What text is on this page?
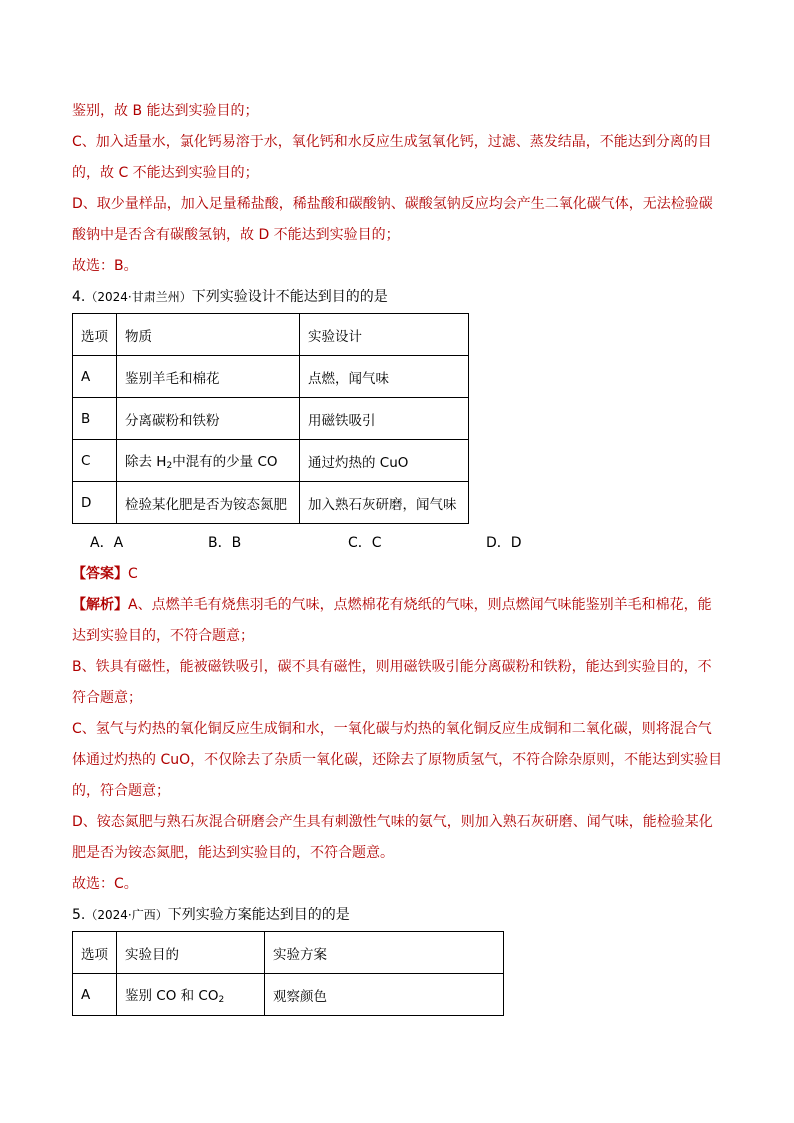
鉴别，故 B 能达到实验目的；
C、加入适量水，氯化钙易溶于水，氧化钙和水反应生成氢氧化钙，过滤、蒸发结晶，不能达到分离的目
的，故 C 不能达到实验目的；
D、取少量样品，加入足量稀盐酸，稀盐酸和碳酸钠、碳酸氢钠反应均会产生二氧化碳气体，无法检验碳
酸钠中是否含有碳酸氢钠，故 D 不能达到实验目的；
故选：B。
4.（2024·甘肃兰州）下列实验设计不能达到目的的是
选项	物质	实验设计
A	鉴别羊毛和棉花	点燃，闻气味
B	分离碳粉和铁粉	用磁铁吸引
C	除去 $H_2$中混有的少量 CO	通过灼热的 CuO
D	检验某化肥是否为铵态氮肥	加入熟石灰研磨，闻气味
A．A	B．B	C．C	D．D
【答案】C
【解析】A、点燃羊毛有烧焦羽毛的气味，点燃棉花有烧纸的气味，则点燃闻气味能鉴别羊毛和棉花，能
达到实验目的，不符合题意；
B、铁具有磁性，能被磁铁吸引，碳不具有磁性，则用磁铁吸引能分离碳粉和铁粉，能达到实验目的，不
符合题意；
C、氢气与灼热的氧化铜反应生成铜和水，一氧化碳与灼热的氧化铜反应生成铜和二氧化碳，则将混合气
体通过灼热的 CuO，不仅除去了杂质一氧化碳，还除去了原物质氢气，不符合除杂原则，不能达到实验目
的，符合题意；
D、铵态氮肥与熟石灰混合研磨会产生具有刺激性气味的氨气，则加入熟石灰研磨、闻气味，能检验某化
肥是否为铵态氮肥，能达到实验目的，不符合题意。
故选：C。
5.（2024·广西）下列实验方案能达到目的的是
选项	实验目的	实验方案
A	鉴别 CO 和 $CO_2$	观察颜色
